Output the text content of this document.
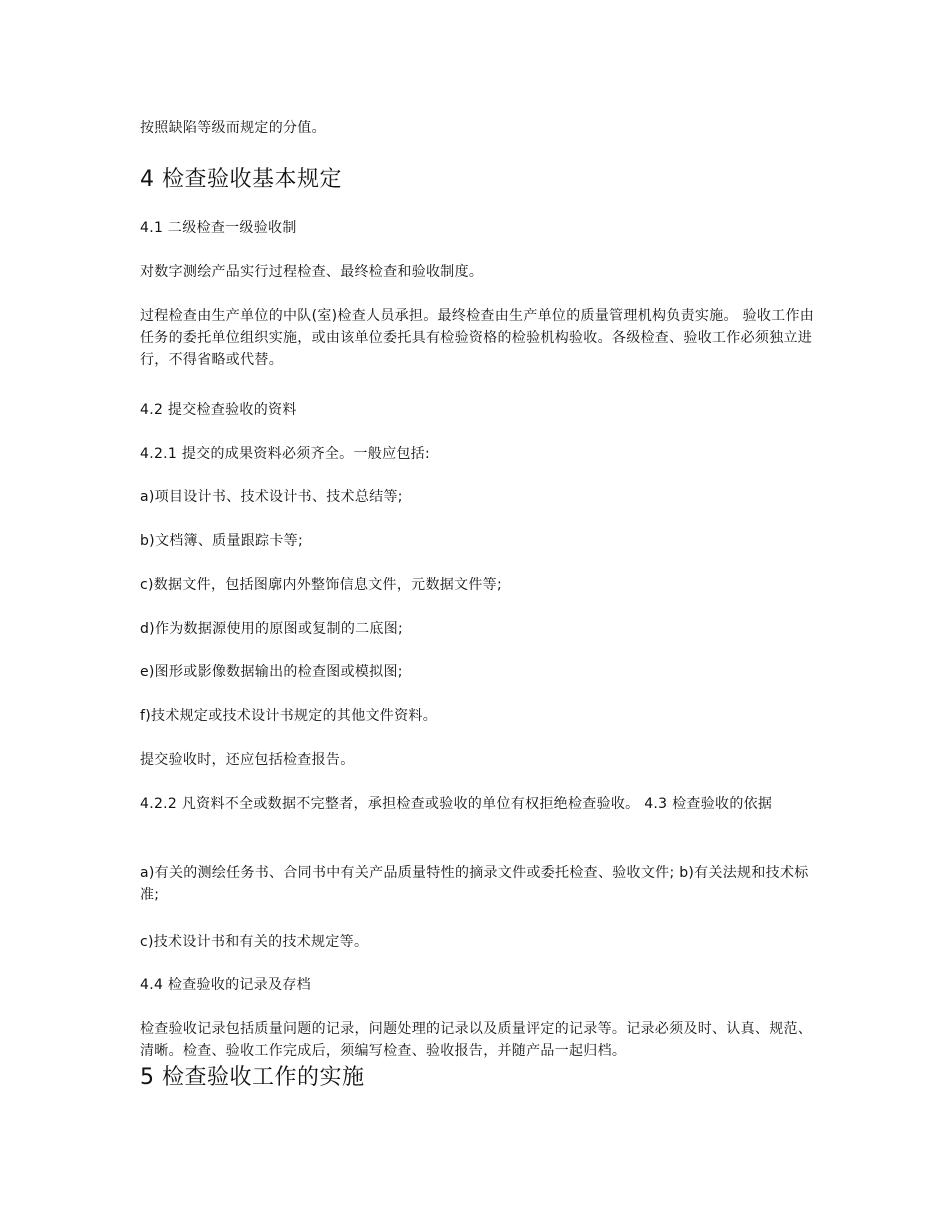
按照缺陷等级而规定的分值。
4 检查验收基本规定
4.1 二级检查一级验收制
对数字测绘产品实行过程检查、最终检查和验收制度。
过程检查由生产单位的中队(室)检查人员承担。最终检查由生产单位的质量管理机构负责实施。 验收工作由任务的委托单位组织实施，或由该单位委托具有检验资格的检验机构验收。各级检查、验收工作必须独立进行，不得省略或代替。
4.2 提交检查验收的资料
4.2.1 提交的成果资料必须齐全。一般应包括:
a)项目设计书、技术设计书、技术总结等;
b)文档簿、质量跟踪卡等;
c)数据文件，包括图廓内外整饰信息文件，元数据文件等;
d)作为数据源使用的原图或复制的二底图;
e)图形或影像数据输出的检查图或模拟图;
f)技术规定或技术设计书规定的其他文件资料。
提交验收时，还应包括检查报告。
4.2.2 凡资料不全或数据不完整者，承担检查或验收的单位有权拒绝检查验收。 4.3 检查验收的依据
a)有关的测绘任务书、合同书中有关产品质量特性的摘录文件或委托检查、验收文件; b)有关法规和技术标准;
c)技术设计书和有关的技术规定等。
4.4 检查验收的记录及存档
检查验收记录包括质量问题的记录，问题处理的记录以及质量评定的记录等。记录必须及时、认真、规范、清晰。检查、验收工作完成后，须编写检查、验收报告，并随产品一起归档。
5 检查验收工作的实施
